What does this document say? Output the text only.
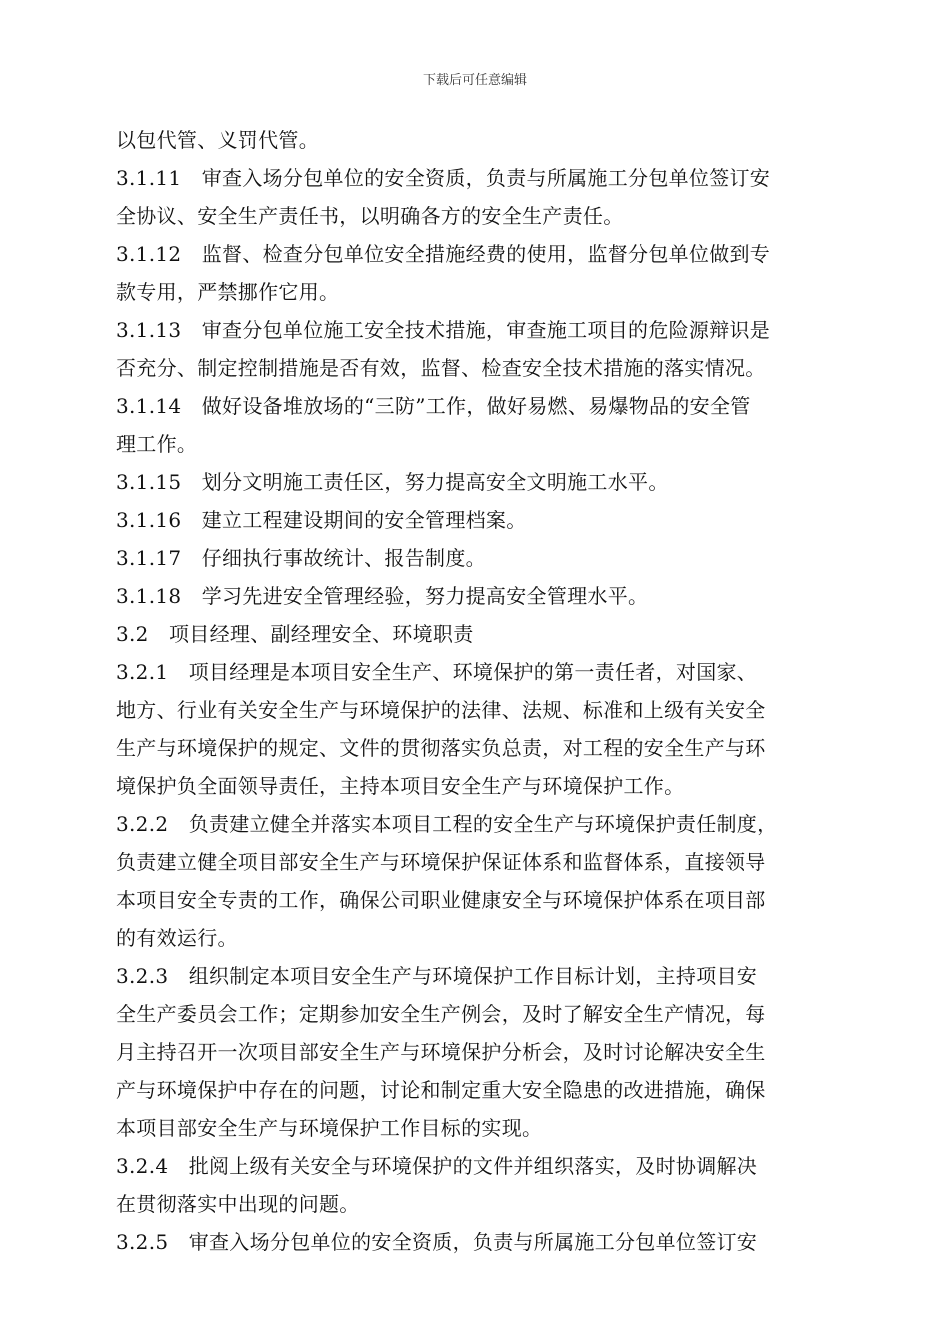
下载后可任意编辑
以包代管、义罚代管。
3.1.11　审查入场分包单位的安全资质，负责与所属施工分包单位签订安
全协议、安全生产责任书，以明确各方的安全生产责任。
3.1.12　监督、检查分包单位安全措施经费的使用，监督分包单位做到专
款专用，严禁挪作它用。
3.1.13　审查分包单位施工安全技术措施，审查施工项目的危险源辩识是
否充分、制定控制措施是否有效，监督、检查安全技术措施的落实情况。
3.1.14　做好设备堆放场的“三防”工作，做好易燃、易爆物品的安全管
理工作。
3.1.15　划分文明施工责任区，努力提高安全文明施工水平。
3.1.16　建立工程建设期间的安全管理档案。
3.1.17　仔细执行事故统计、报告制度。
3.1.18　学习先进安全管理经验，努力提高安全管理水平。
3.2　项目经理、副经理安全、环境职责
3.2.1　项目经理是本项目安全生产、环境保护的第一责任者，对国家、
地方、行业有关安全生产与环境保护的法律、法规、标准和上级有关安全
生产与环境保护的规定、文件的贯彻落实负总责，对工程的安全生产与环
境保护负全面领导责任，主持本项目安全生产与环境保护工作。
3.2.2　负责建立健全并落实本项目工程的安全生产与环境保护责任制度，
负责建立健全项目部安全生产与环境保护保证体系和监督体系，直接领导
本项目安全专责的工作，确保公司职业健康安全与环境保护体系在项目部
的有效运行。
3.2.3　组织制定本项目安全生产与环境保护工作目标计划，主持项目安
全生产委员会工作；定期参加安全生产例会，及时了解安全生产情况，每
月主持召开一次项目部安全生产与环境保护分析会，及时讨论解决安全生
产与环境保护中存在的问题，讨论和制定重大安全隐患的改进措施，确保
本项目部安全生产与环境保护工作目标的实现。
3.2.4　批阅上级有关安全与环境保护的文件并组织落实，及时协调解决
在贯彻落实中出现的问题。
3.2.5　审查入场分包单位的安全资质，负责与所属施工分包单位签订安
